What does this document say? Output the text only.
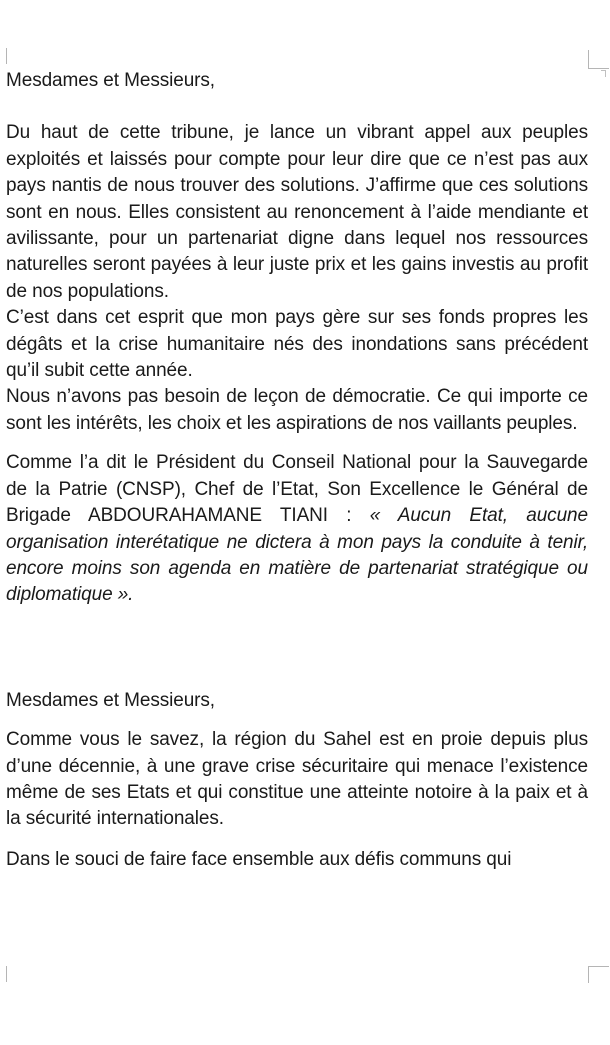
Mesdames et Messieurs,

Du haut de cette tribune, je lance un vibrant appel aux peuples exploités et laissés pour compte pour leur dire que ce n’est pas aux pays nantis de nous trouver des solutions. J’affirme que ces solutions sont en nous. Elles consistent au renoncement à l’aide mendiante et avilissante, pour un partenariat digne dans lequel nos ressources naturelles seront payées à leur juste prix et les gains investis au profit de nos populations.

C’est dans cet esprit que mon pays gère sur ses fonds propres les dégâts et la crise humanitaire nés des inondations sans précédent qu’il subit cette année.

Nous n’avons pas besoin de leçon de démocratie. Ce qui importe ce sont les intérêts, les choix et les aspirations de nos vaillants peuples.

Comme l’a dit le Président du Conseil National pour la Sauvegarde de la Patrie (CNSP), Chef de l’Etat, Son Excellence le Général de Brigade ABDOURAHAMANE TIANI : « Aucun Etat, aucune organisation interétatique ne dictera à mon pays la conduite à tenir, encore moins son agenda en matière de partenariat stratégique ou diplomatique ».

Mesdames et Messieurs,

Comme vous le savez, la région du Sahel est en proie depuis plus d’une décennie, à une grave crise sécuritaire qui menace l’existence même de ses Etats et qui constitue une atteinte notoire à la paix et à la sécurité internationales.

Dans le souci de faire face ensemble aux défis communs qui
